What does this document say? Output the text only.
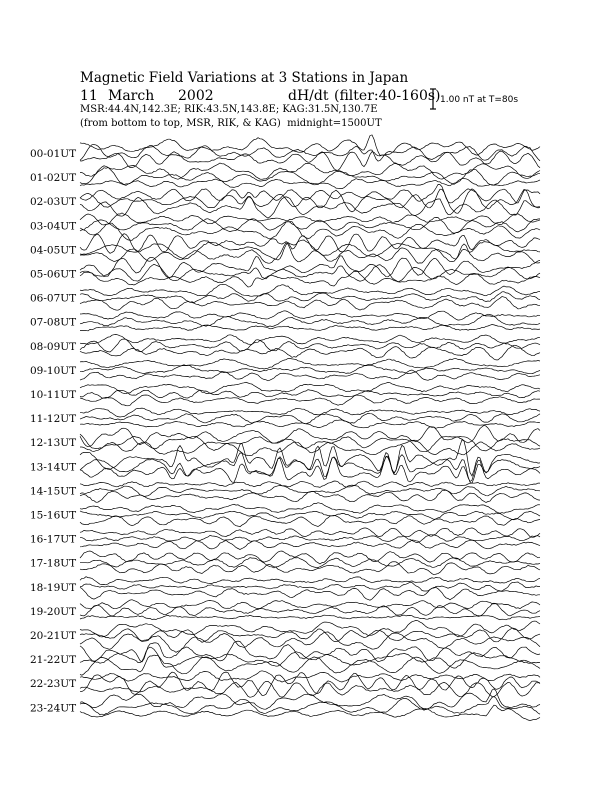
Magnetic Field Variations at 3 Stations in Japan
11 March 2002	dH/dt (filter:40-160s)
MSR:44.4N,142.3E; RIK:43.5N,143.8E; KAG:31.5N,130.7E
(from bottom to top, MSR, RIK, & KAG) midnight=1500UT
1.00 nT at T=80s
00-01UT
01-02UT
02-03UT
03-04UT
04-05UT
05-06UT
06-07UT
07-08UT
08-09UT
09-10UT
10-11UT
11-12UT
12-13UT
13-14UT
14-15UT
15-16UT
16-17UT
17-18UT
18-19UT
19-20UT
20-21UT
21-22UT
22-23UT
23-24UT
